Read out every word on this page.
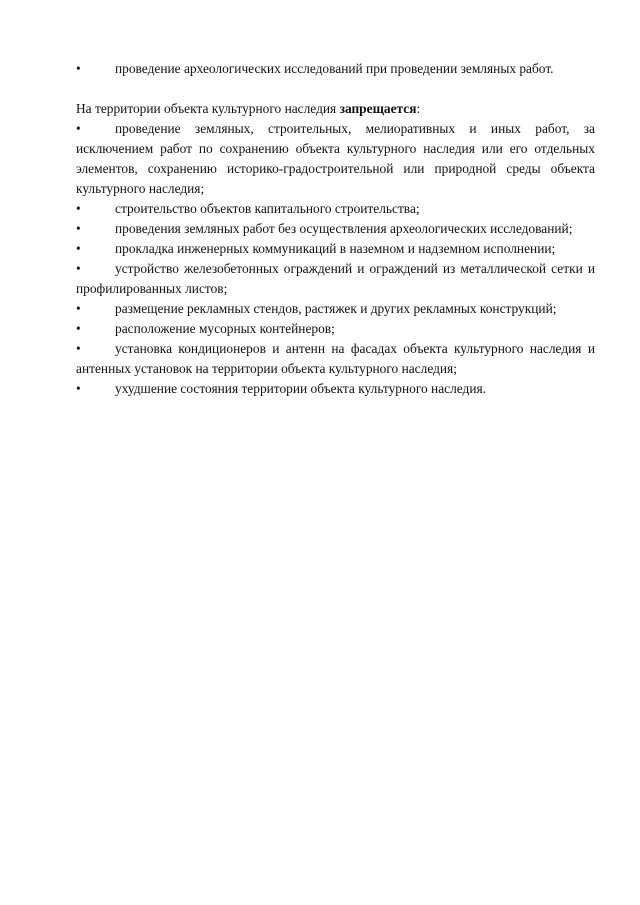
•	проведение археологических исследований при проведении земляных работ.

На территории объекта культурного наследия запрещается:

•	проведение земляных, строительных, мелиоративных и иных работ, за исключением работ по сохранению объекта культурного наследия или его отдельных элементов, сохранению историко-градостроительной или природной среды объекта культурного наследия;

•	строительство объектов капитального строительства;

•	проведения земляных работ без осуществления археологических исследований;

•	прокладка инженерных коммуникаций в наземном и надземном исполнении;

•	устройство железобетонных ограждений и ограждений из металлической сетки и профилированных листов;

•	размещение рекламных стендов, растяжек и других рекламных конструкций;

•	расположение мусорных контейнеров;

•	установка кондиционеров и антенн на фасадах объекта культурного наследия и антенных установок на территории объекта культурного наследия;

•	ухудшение состояния территории объекта культурного наследия.
